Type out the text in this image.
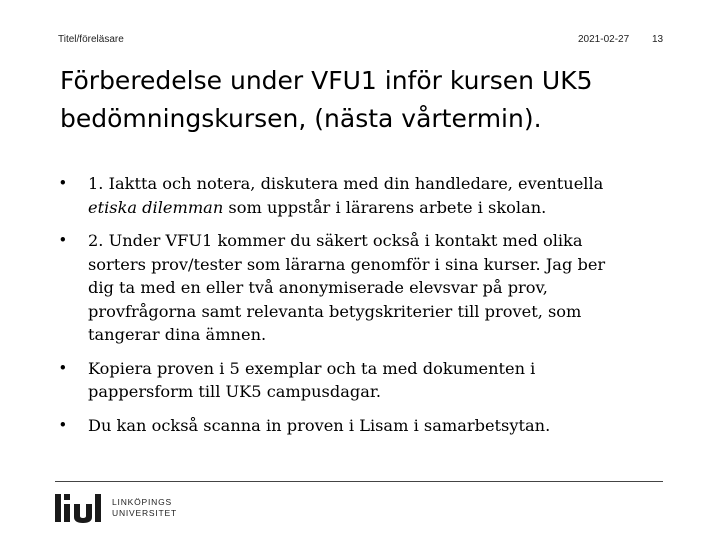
Titel/föreläsare	2021-02-27 13
Förberedelse under VFU1 inför kursen UK5
bedömningskursen, (nästa vårtermin).
• 1. Iaktta och notera, diskutera med din handledare, eventuella
etiska dilemman som uppstår i lärarens arbete i skolan.
• 2. Under VFU1 kommer du säkert också i kontakt med olika
sorters prov/tester som lärarna genomför i sina kurser. Jag ber
dig ta med en eller två anonymiserade elevsvar på prov,
provfrågorna samt relevanta betygskriterier till provet, som
tangerar dina ämnen.
• Kopiera proven i 5 exemplar och ta med dokumenten i
pappersform till UK5 campusdagar.
• Du kan också scanna in proven i Lisam i samarbetsytan.
LINKÖPINGS
UNIVERSITET
